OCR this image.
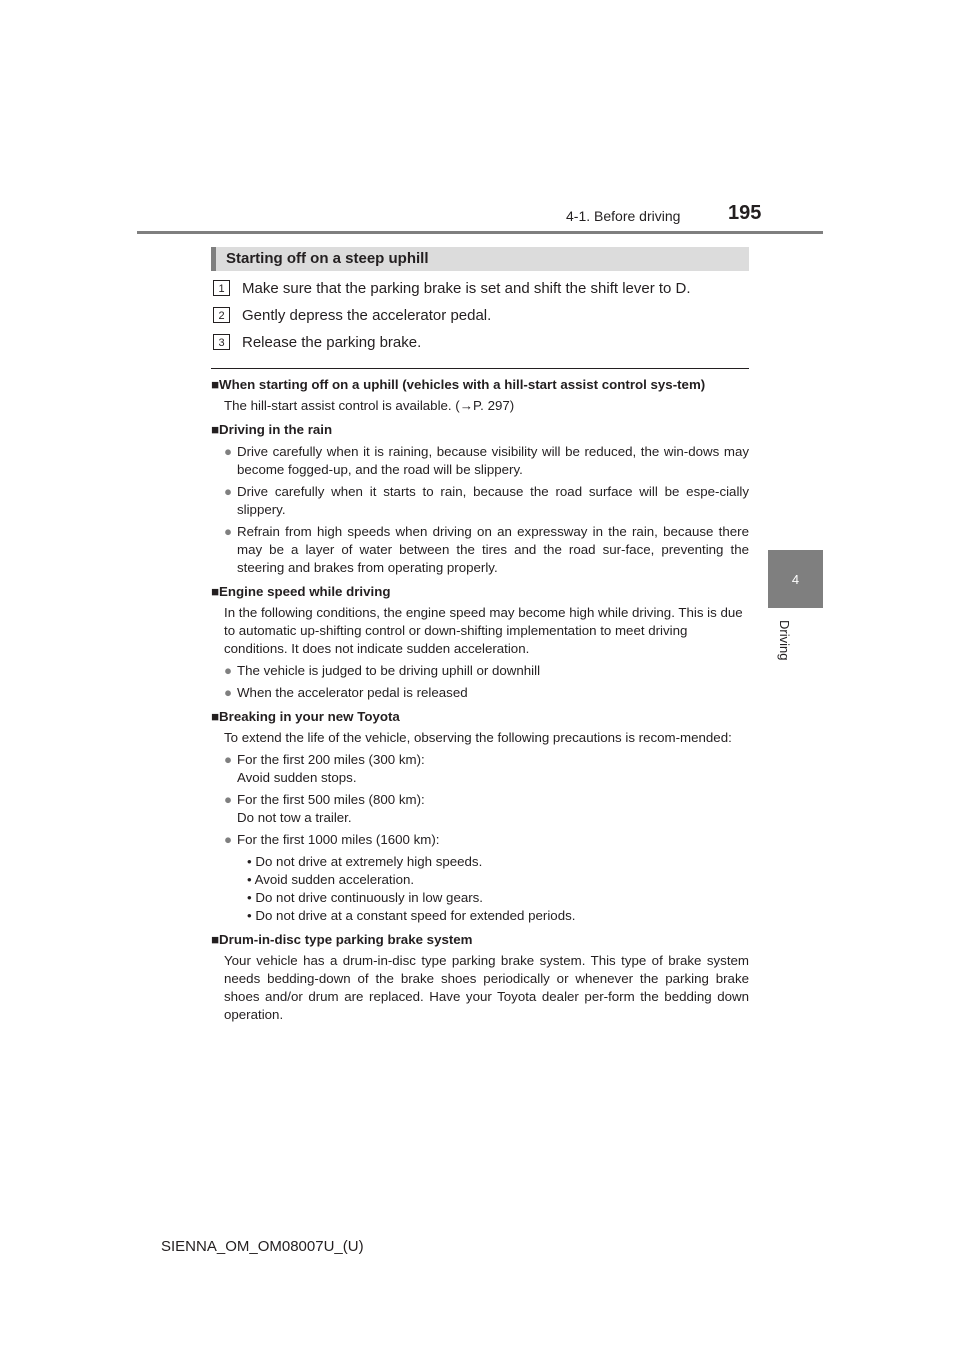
4-1. Before driving 195
4
Driving
Starting off on a steep uphill
1	Make sure that the parking brake is set and shift the shift lever to D.
2	Gently depress the accelerator pedal.
3	Release the parking brake.

■When starting off on a uphill (vehicles with a hill-start assist control sys-tem)

The hill-start assist control is available. (→P. 297)

■Driving in the rain

● Drive carefully when it is raining, because visibility will be reduced, the win-dows may become fogged-up, and the road will be slippery.

● Drive carefully when it starts to rain, because the road surface will be espe-cially slippery.

● Refrain from high speeds when driving on an expressway in the rain, because there may be a layer of water between the tires and the road sur-face, preventing the steering and brakes from operating properly.

■Engine speed while driving

In the following conditions, the engine speed may become high while driving. This is due to automatic up-shifting control or down-shifting implementation to meet driving conditions. It does not indicate sudden acceleration.

● The vehicle is judged to be driving uphill or downhill

● When the accelerator pedal is released

■Breaking in your new Toyota

To extend the life of the vehicle, observing the following precautions is recom-mended:

● For the first 200 miles (300 km):
Avoid sudden stops.

● For the first 500 miles (800 km):
Do not tow a trailer.

● For the first 1000 miles (1600 km):

• Do not drive at extremely high speeds.

• Avoid sudden acceleration.

• Do not drive continuously in low gears.

• Do not drive at a constant speed for extended periods.

■Drum-in-disc type parking brake system

Your vehicle has a drum-in-disc type parking brake system. This type of brake system needs bedding-down of the brake shoes periodically or whenever the parking brake shoes and/or drum are replaced. Have your Toyota dealer per-form the bedding down operation.

SIENNA_OM_OM08007U_(U)
